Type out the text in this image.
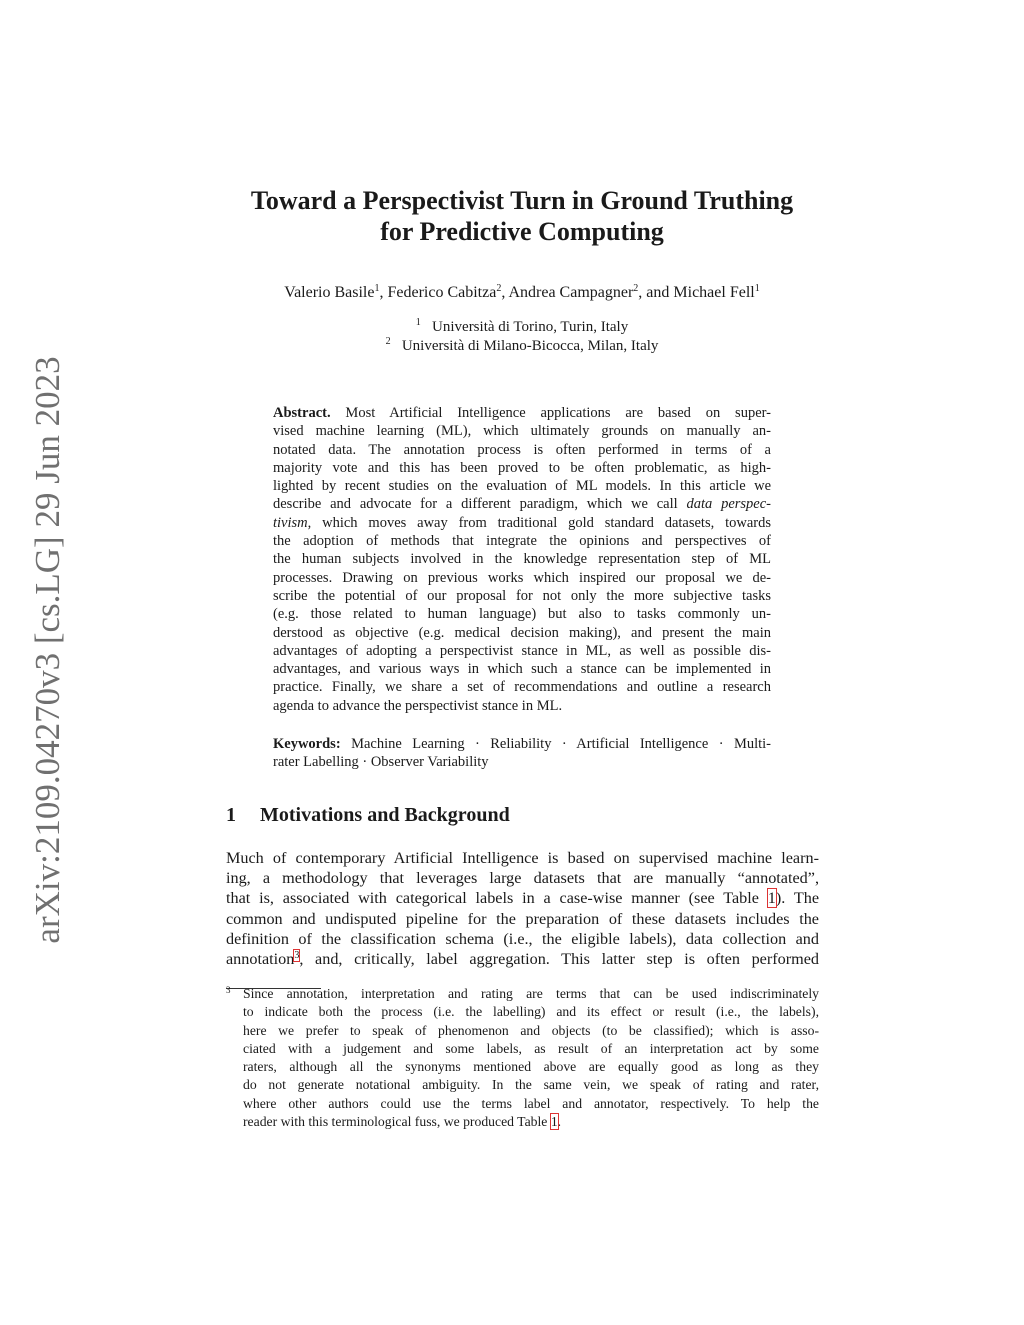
arXiv:2109.04270v3 [cs.LG] 29 Jun 2023
Toward a Perspectivist Turn in Ground Truthing
for Predictive Computing
Valerio Basile$^1$, Federico Cabitza$^2$, Andrea Campagner$^2$, and Michael Fell$^1$
$^1$ Università di Torino, Turin, Italy
$^2$ Università di Milano-Bicocca, Milan, Italy
Abstract. Most Artificial Intelligence applications are based on super-
vised machine learning (ML), which ultimately grounds on manually an-
notated data. The annotation process is often performed in terms of a
majority vote and this has been proved to be often problematic, as high-
lighted by recent studies on the evaluation of ML models. In this article we
describe and advocate for a different paradigm, which we call data perspec-
tivism, which moves away from traditional gold standard datasets, towards
the adoption of methods that integrate the opinions and perspectives of
the human subjects involved in the knowledge representation step of ML
processes. Drawing on previous works which inspired our proposal we de-
scribe the potential of our proposal for not only the more subjective tasks
(e.g. those related to human language) but also to tasks commonly un-
derstood as objective (e.g. medical decision making), and present the main
advantages of adopting a perspectivist stance in ML, as well as possible dis-
advantages, and various ways in which such a stance can be implemented in
practice. Finally, we share a set of recommendations and outline a research
agenda to advance the perspectivist stance in ML.
Keywords: Machine Learning · Reliability · Artificial Intelligence · Multi-
rater Labelling · Observer Variability
1 Motivations and Background
Much of contemporary Artificial Intelligence is based on supervised machine learn-
ing, a methodology that leverages large datasets that are manually “annotated”,
that is, associated with categorical labels in a case-wise manner (see Table 1). The
common and undisputed pipeline for the preparation of these datasets includes the
definition of the classification schema (i.e., the eligible labels), data collection and
annotation$^3$, and, critically, label aggregation. This latter step is often performed
3 Since annotation, interpretation and rating are terms that can be used indiscriminately
to indicate both the process (i.e. the labelling) and its effect or result (i.e., the labels),
here we prefer to speak of phenomenon and objects (to be classified); which is asso-
ciated with a judgement and some labels, as result of an interpretation act by some
raters, although all the synonyms mentioned above are equally good as long as they
do not generate notational ambiguity. In the same vein, we speak of rating and rater,
where other authors could use the terms label and annotator, respectively. To help the
reader with this terminological fuss, we produced Table 1.
